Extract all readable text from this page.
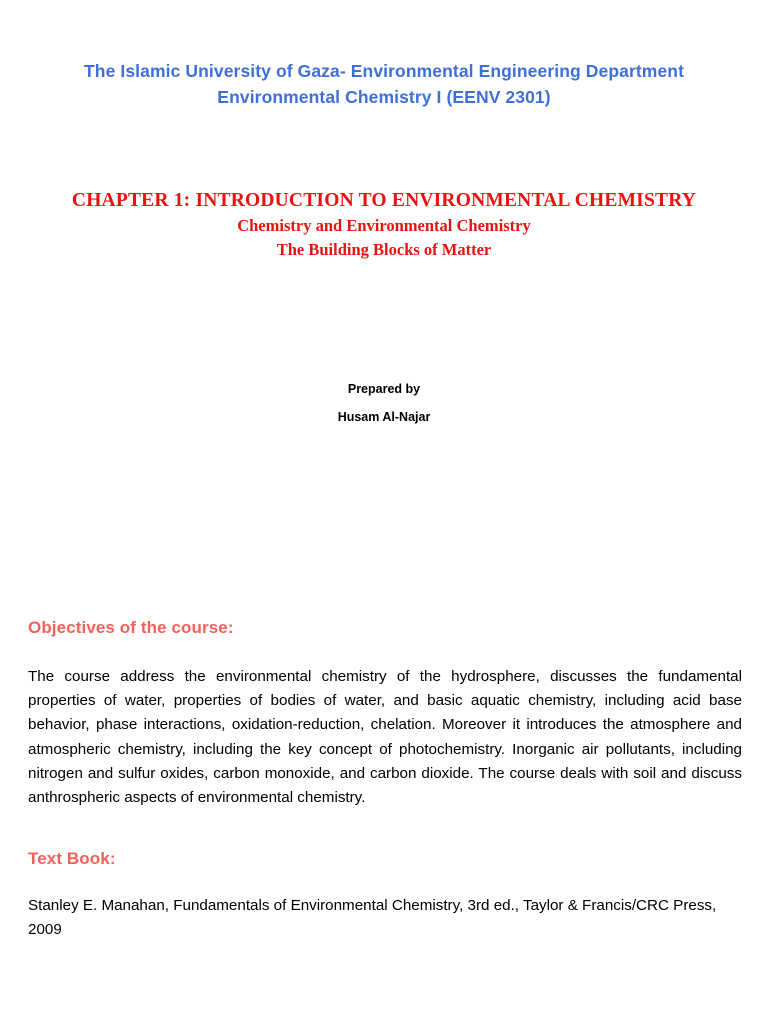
The Islamic University of Gaza- Environmental Engineering Department
Environmental Chemistry I (EENV 2301)
CHAPTER 1: INTRODUCTION TO ENVIRONMENTAL CHEMISTRY
Chemistry and Environmental Chemistry
The Building Blocks of Matter
Prepared by
Husam Al-Najar
Objectives of the course:
The course address the environmental chemistry of the hydrosphere, discusses the fundamental properties of water, properties of bodies of water, and basic aquatic chemistry, including acid base behavior, phase interactions, oxidation-reduction, chelation. Moreover it introduces the atmosphere and atmospheric chemistry, including the key concept of photochemistry. Inorganic air pollutants, including nitrogen and sulfur oxides, carbon monoxide, and carbon dioxide. The course deals with soil and discuss anthrospheric aspects of environmental chemistry.
Text Book:
Stanley E. Manahan, Fundamentals of Environmental Chemistry, 3rd ed., Taylor & Francis/CRC Press, 2009
